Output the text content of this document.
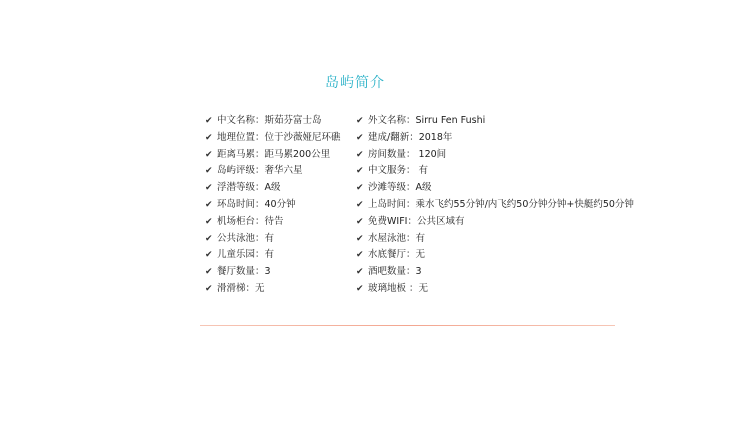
岛屿简介
✔ 中文名称：斯茹芬富士岛
✔ 地理位置：位于沙薇娅尼环礁
✔ 距离马累：距马累200公里
✔ 岛屿评级：奢华六星
✔ 浮潜等级：A级
✔ 环岛时间：40分钟
✔ 机场柜台：待告
✔ 公共泳池：有
✔ 儿童乐园：有
✔ 餐厅数量：3
✔ 滑滑梯：无
✔ 外文名称：Sirru Fen Fushi
✔ 建成/翻新：2018年
✔ 房间数量： 120间
✔ 中文服务： 有
✔ 沙滩等级：A级
✔ 上岛时间：乘水飞约55分钟/内飞约50分钟分钟+快艇约50分钟
✔ 免费WIFI：公共区域有
✔ 水屋泳池：有
✔ 水底餐厅：无
✔ 酒吧数量：3
✔ 玻璃地板 ：无
